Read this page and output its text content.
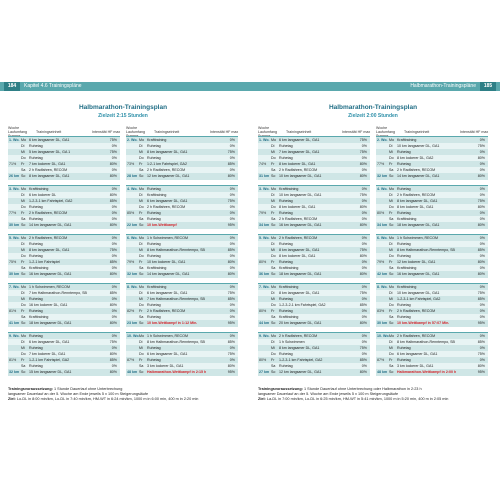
184	Kapitel 4.6 Trainingspläne	Halbmarathon-Trainingspläne	185
Halbmarathon-Trainingsplan
Zielzeit 2:15 Stunden
Woche Laufumfang	Trainingseinheit	Intensität HF max
Woche Laufumfang	Trainingseinheit	Intensität HF max
1. Wo. Mo 6 km langsamer DL, GA1	75%
Di Ruhetag	0%
Mi 5 km langsamer DL, GA 1	75%
Do Ruhetag	0%
71% Fr 7 km lockerer DL, GA1	80%
Sa 2 h Radfahren, RECOM	0%
26 km So 8 km langsamer DL, GA1	80%
2. Wo. Mo Krafttraining	0%
Di Ruhetag	0%
Mi 8 km langsamer DL, GA1	75%
Do Ruhetag	0%
73% Fr 1:2-1 km Fahrtspiel, GA2	85%
Sa 2 h Radfahren, RECOM	0%
28 km So 12 km langsamer DL, GA1	80%
3. Wo. Mo Krafttraining	0%
Di 6 km lockerer DL	80%
Mi 1-2-3-1 km Fahrtspiel, GA2	85%
Do Ruhetag	0%
77% Fr 2 h Radfahren, RECOM	0%
Sa Ruhetag	0%
30 km So 14 km langsamer DL, GA1	80%
4. Wo. Mo Ruhetag	0%
Di Krafttraining	0%
Mi 6 km langsamer DL, GA1	75%
Do 2 h Radfahren, RECOM	0%
85% Fr Ruhetag	0%
Sa Ruhetag	0%
22 km So 10 km-Wettkampf	95%
5. Wo. Mo 2 h Radfahren, RECOM	0%
Di Ruhetag	0%
Mi 8 km langsamer DL, GA1	75%
Do Ruhetag	0%
75% Fr 1-2-1 km Fahrtspiel	85%
Sa Krafttraining	0%
30 km So 16 km langsamer DL, GA1	80%
6. Wo. Mo 1 h Schwimmen, RECOM	0%
Di Ruhetag	0%
Mi 8 km Halbmarathon-Renntempo, SB	85%
Do Ruhetag	0%
79% Fr 10 km lockerer DL, GA1	80%
Sa Krafttraining	0%
32 km So 14 km langsamer DL, GA1	80%
7. Wo. Mo 1 h Schwimmen, RECOM	0%
Di 7 km Halbmarathon-Renntempo, SB	85%
Mi Ruhetag	0%
Do 16 km lockerer DL, GA1	80%
81% Fr Ruhetag	0%
Sa Krafttraining	0%
41 km So 18 km langsamer DL, GA1	80%
8. Wo. Mo Krafttraining	0%
Di 6 km langsamer DL, GA1	75%
Mi 7 km Halbmarathon-Renntempo, SB	85%
Do Ruhetag	0%
82% Fr 2 h Radfahren, RECOM	0%
Sa Ruhetag	0%
23 km So 10 km-Wettkampf in 1:12 Min.	95%
9. Wo. Mo Ruhetag	0%
Di 6 km langsamer DL, GA1	75%
Mi Ruhetag	0%
Do 7 km lockerer DL, GA1	80%
81% Fr 1-2-1 km Fahrtspiel, GA2	85%
Sa Ruhetag	0%
32 km So 15 km langsamer DL, GA1	80%
10. Wo. Mo 1 h Schwimmen, RECOM	0%
Di 8 km Halbmarathon-Renntempo, SB	85%
Mi Ruhetag	0%
Do 6 km langsamer DL, GA1	75%
87% Fr Ruhetag	0%
Sa 3 km lockerer DL, GA1	80%
48 km So Halbmarathon-Wettkampf in 2:15 h	95%
Trainingsvoraussetzung: 1 Stunde Dauerlauf ohne Unterbrechung
langsamer Dauerlauf an der 5. Woche am Ende jeweils 5 x 100 m Steigerungsläufe
Ziel: Lo-DL in 8:00 min/km, Lo-DL in 7:40 min/km, HM-WT in 6:24 min/km, 1000 m in 6:00 min, 400 m in 2:20 min
Halbmarathon-Trainingsplan
Zielzeit 2:00 Stunden
Woche Laufumfang	Trainingseinheit	Intensität HF max
Woche Laufumfang	Trainingseinheit	Intensität HF max
1. Wo. Mo 6 km langsamer DL, GA1	75%
Di Ruhetag	0%
Mi 7 km langsamer DL, GA1	75%
Do Ruhetag	0%
74% Fr 8 km lockerer DL, GA1	80%
Sa 2 h Radfahren, RECOM	0%
31 km So 10 km langsamer DL, GA1	80%
2. Wo. Mo Krafttraining	0%
Di 10 km langsamer DL, GA1	75%
Mi Ruhetag	0%
Do 8 km lockerer DL, GA2	80%
77% Fr Ruhetag	0%
Sa 2 h Radfahren, RECOM	0%
32 km So 14 km langsamer DL, GA1	80%
3. Wo. Mo Krafttraining	0%
Di 10 km langsamer DL, GA1	75%
Mi Ruhetag	0%
Do 8 km lockerer DL, GA1	80%
79% Fr Ruhetag	0%
Sa 2 h Radfahren, RECOM	0%
34 km So 16 km langsamer DL, GA1	80%
4. Wo. Mo Ruhetag	0%
Di 2 h Radfahren, RECOM	0%
Mi 8 km langsamer DL, GA1	75%
Do 8 km lockerer DL, GA1	80%
80% Fr Ruhetag	0%
Sa Krafttraining	0%
34 km So 18 km langsamer DL, GA1	80%
5. Wo. Mo 2 h Radfahren, RECOM	0%
Di Ruhetag	0%
Mi 8 km langsamer DL, GA1	75%
Do 8 km lockerer DL, GA1	80%
80% Fr Ruhetag	0%
Sa Krafttraining	0%
36 km So 18 km langsamer DL, GA1	80%
6. Wo. Mo 1 h Schwimmen, RECOM	0%
Di Ruhetag	0%
Mi 8 km Halbmarathon-Renntempo, SB	85%
Do Ruhetag	0%
79% Fr 12 km lockerer DL, GA1	80%
Sa Krafttraining	0%
42 km So 16 km langsamer DL, GA1	80%
7. Wo. Mo Krafttraining	0%
Di 8 km langsamer DL, GA1	75%
Mi Ruhetag	0%
Do 1-2-3-2-1 km Fahrtspiel, GA2	85%
80% Fr Ruhetag	0%
Sa Krafttraining	0%
44 km So 20 km langsamer DL, GA1	80%
8. Wo. Mo Krafttraining	0%
Di 10 km langsamer DL, GA1	75%
Mi 1-2-3-1 km Fahrtspiel, GA2	85%
Do Ruhetag	0%
83% Fr 2 h Radfahren, RECOM	0%
Sa Ruhetag	0%
30 km So 10 km-Wettkampf in 57:07 Min.	95%
9. Wo. Mo 2 h Radfahren, RECOM	0%
Di 1 h Schwimmen	0%
Mi 8 km langsamer DL, GA1	75%
Do Ruhetag	0%
80% Fr 1-2-3-1 km Fahrtspiel, GA2	85%
Sa Ruhetag	0%
27 km So 12 km langsamer DL, GA1	80%
10. Wo. Mo 2 h Radfahren, RECOM	0%
Di 8 km Halbmarathon-Renntempo, SB	85%
Mi Ruhetag	0%
Do 6 km langsamer DL, GA1	75%
87% Fr Ruhetag	0%
Sa 3 km lockerer DL, GA1	80%
48 km So Halbmarathon-Wettkampf in 2:00 h	95%
Trainingsvoraussetzung: 1 Stunde Dauerlauf ohne Unterbrechung oder Halbmarathon in 2:23 h
langsamer Dauerlauf an der 5. Woche am Ende jeweils 5 x 100 m Steigerungsläufe
Ziel: La-DL in 7:00 min/km, Lo-DL in 6:25 min/km, HM-WT in 5:41 min/km, 1000 m in 5:20 min, 400 m in 2:05 min
